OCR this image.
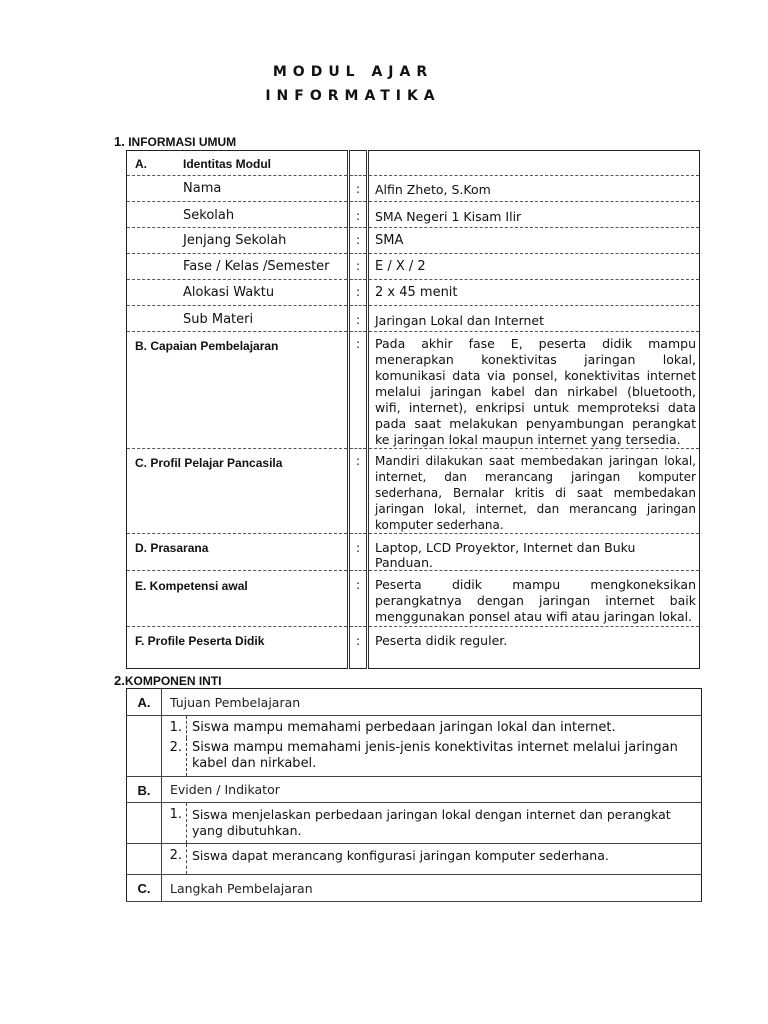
MODUL AJAR
INFORMATIKA
1. INFORMASI UMUM
A. Identitas Modul		
Nama	:	Alfin Zheto, S.Kom
Sekolah	:	SMA Negeri 1 Kisam Ilir
Jenjang Sekolah	:	SMA
Fase / Kelas /Semester	:	E / X / 2
Alokasi Waktu	:	2 x 45 menit
Sub Materi	:	Jaringan Lokal dan Internet
B. Capaian Pembelajaran	:	Pada akhir fase E, peserta didik mampu menerapkan konektivitas jaringan lokal, komunikasi data via ponsel, konektivitas internet melalui jaringan kabel dan nirkabel (bluetooth, wifi, internet), enkripsi untuk memproteksi data pada saat melakukan penyambungan perangkat ke jaringan lokal maupun internet yang tersedia.
C. Profil Pelajar Pancasila	:	Mandiri dilakukan saat membedakan jaringan lokal, internet, dan merancang jaringan komputer sederhana, Bernalar kritis di saat membedakan jaringan lokal, internet, dan merancang jaringan komputer sederhana.
D. Prasarana	:	Laptop, LCD Proyektor, Internet dan Buku Panduan.
E. Kompetensi awal	:	Peserta didik mampu mengkoneksikan perangkatnya dengan jaringan internet baik menggunakan ponsel atau wifi atau jaringan lokal.
F. Profile Peserta Didik	:	Peserta didik reguler.
2.KOMPONEN INTI
A.	Tujuan Pembelajaran

1.	Siswa mampu memahami perbedaan jaringan lokal dan internet.
2.	Siswa mampu memahami jenis-jenis konektivitas internet melalui jaringan kabel dan nirkabel.

B.	Eviden / Indikator

1.	Siswa menjelaskan perbedaan jaringan lokal dengan internet dan perangkat yang dibutuhkan.

2.	Siswa dapat merancang konfigurasi jaringan komputer sederhana.

C.	Langkah Pembelajaran
